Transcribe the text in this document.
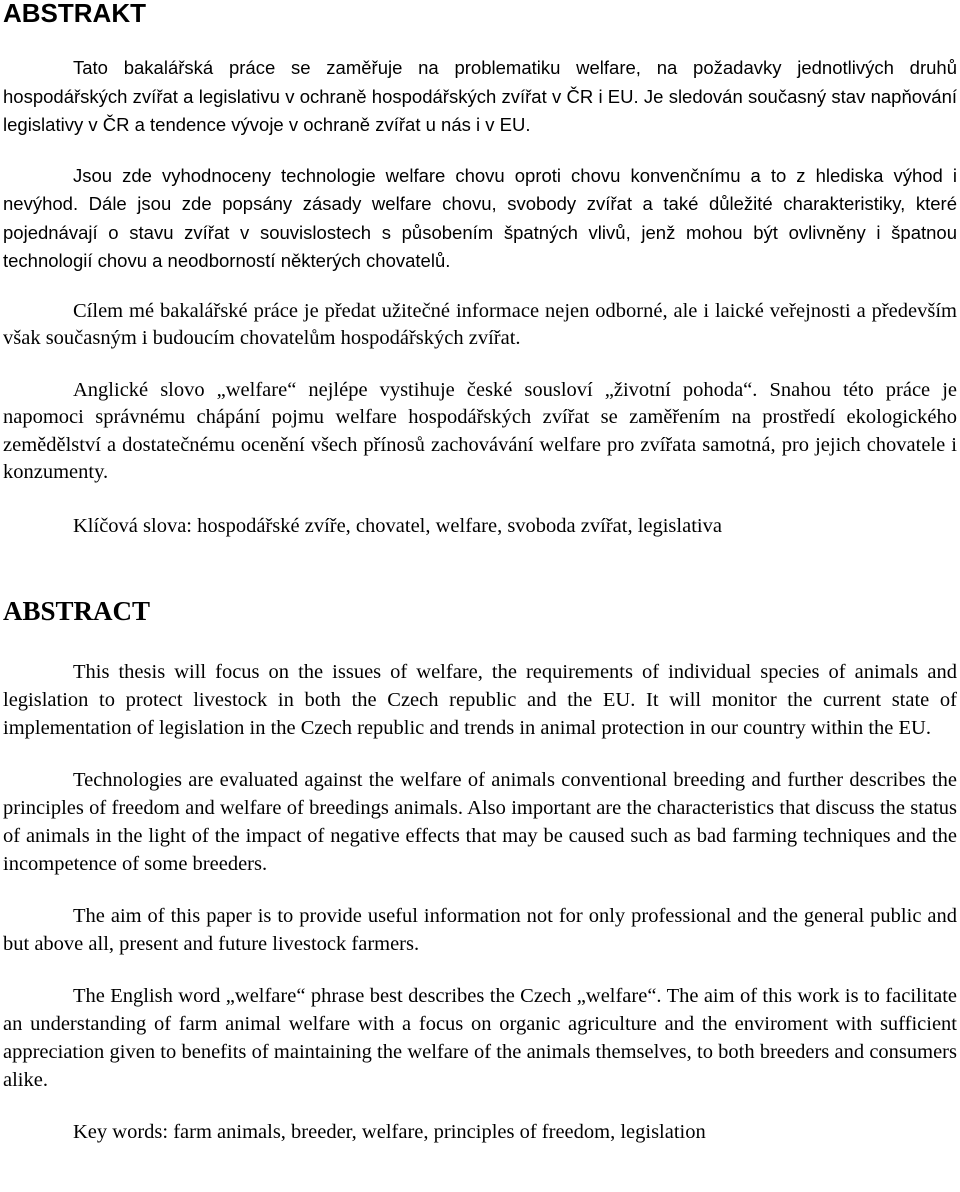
ABSTRAKT

Tato bakalářská práce se zaměřuje na problematiku welfare, na požadavky jednotlivých druhů hospodářských zvířat a legislativu v ochraně hospodářských zvířat v ČR i EU. Je sledován současný stav napňování legislativy v ČR a tendence vývoje v ochraně zvířat u nás i v EU.

Jsou zde vyhodnoceny technologie welfare chovu oproti chovu konvenčnímu a to z hlediska výhod i nevýhod. Dále jsou zde popsány zásady welfare chovu, svobody zvířat a také důležité charakteristiky, které pojednávají o stavu zvířat v souvislostech s působením špatných vlivů, jenž mohou být ovlivněny i špatnou technologií chovu a neodborností některých chovatelů.

Cílem mé bakalářské práce je předat užitečné informace nejen odborné, ale i laické veřejnosti a především však současným i budoucím chovatelům hospodářských zvířat.

Anglické slovo „welfare“ nejlépe vystihuje české sousloví „životní pohoda“. Snahou této práce je napomoci správnému chápání pojmu welfare hospodářských zvířat se zaměřením na prostředí ekologického zemědělství a dostatečnému ocenění všech přínosů zachovávání welfare pro zvířata samotná, pro jejich chovatele i konzumenty.

Klíčová slova: hospodářské zvíře, chovatel, welfare, svoboda zvířat, legislativa

ABSTRACT

This thesis will focus on the issues of welfare, the requirements of individual species of animals and legislation to protect livestock in both the Czech republic and the EU. It will monitor the current state of implementation of legislation in the Czech republic and trends in animal protection in our country within the EU.

Technologies are evaluated against the welfare of animals conventional breeding and further describes the principles of freedom and welfare of breedings animals. Also important are the characteristics that discuss the status of animals in the light of the impact of negative effects that may be caused such as bad farming techniques and the incompetence of some breeders.

The aim of this paper is to provide useful information not for only professional and the general public and but above all, present and future livestock farmers.

The English word „welfare“ phrase best describes the Czech „welfare“. The aim of this work is to facilitate an understanding of farm animal welfare with a focus on organic agriculture and the enviroment with sufficient appreciation given to benefits of maintaining the welfare of the animals themselves, to both breeders and consumers alike.

Key words: farm animals, breeder, welfare, principles of freedom, legislation
